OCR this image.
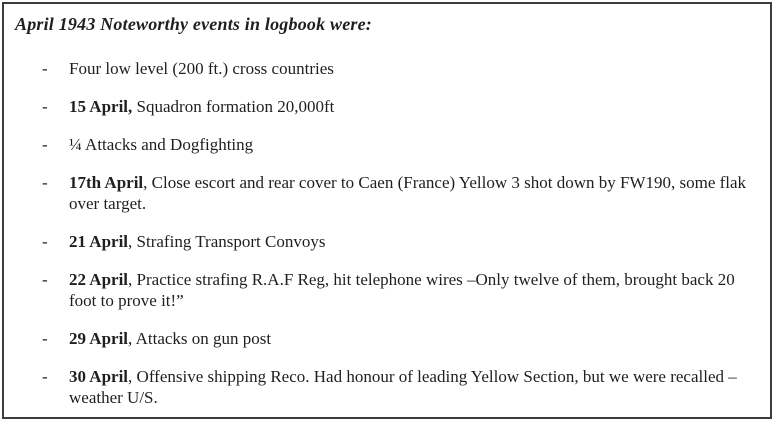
April 1943 Noteworthy events in logbook were:
-	Four low level (200 ft.) cross countries
-	15 April, Squadron formation 20,000ft
-	¼ Attacks and Dogfighting
-	17th April, Close escort and rear cover to Caen (France) Yellow 3 shot down by FW190, some flak over target.
-	21 April, Strafing Transport Convoys
-	22 April, Practice strafing R.A.F Reg, hit telephone wires –Only twelve of them, brought back 20 foot to prove it!”
-	29 April, Attacks on gun post
-	30 April, Offensive shipping Reco. Had honour of leading Yellow Section, but we were recalled – weather U/S.
